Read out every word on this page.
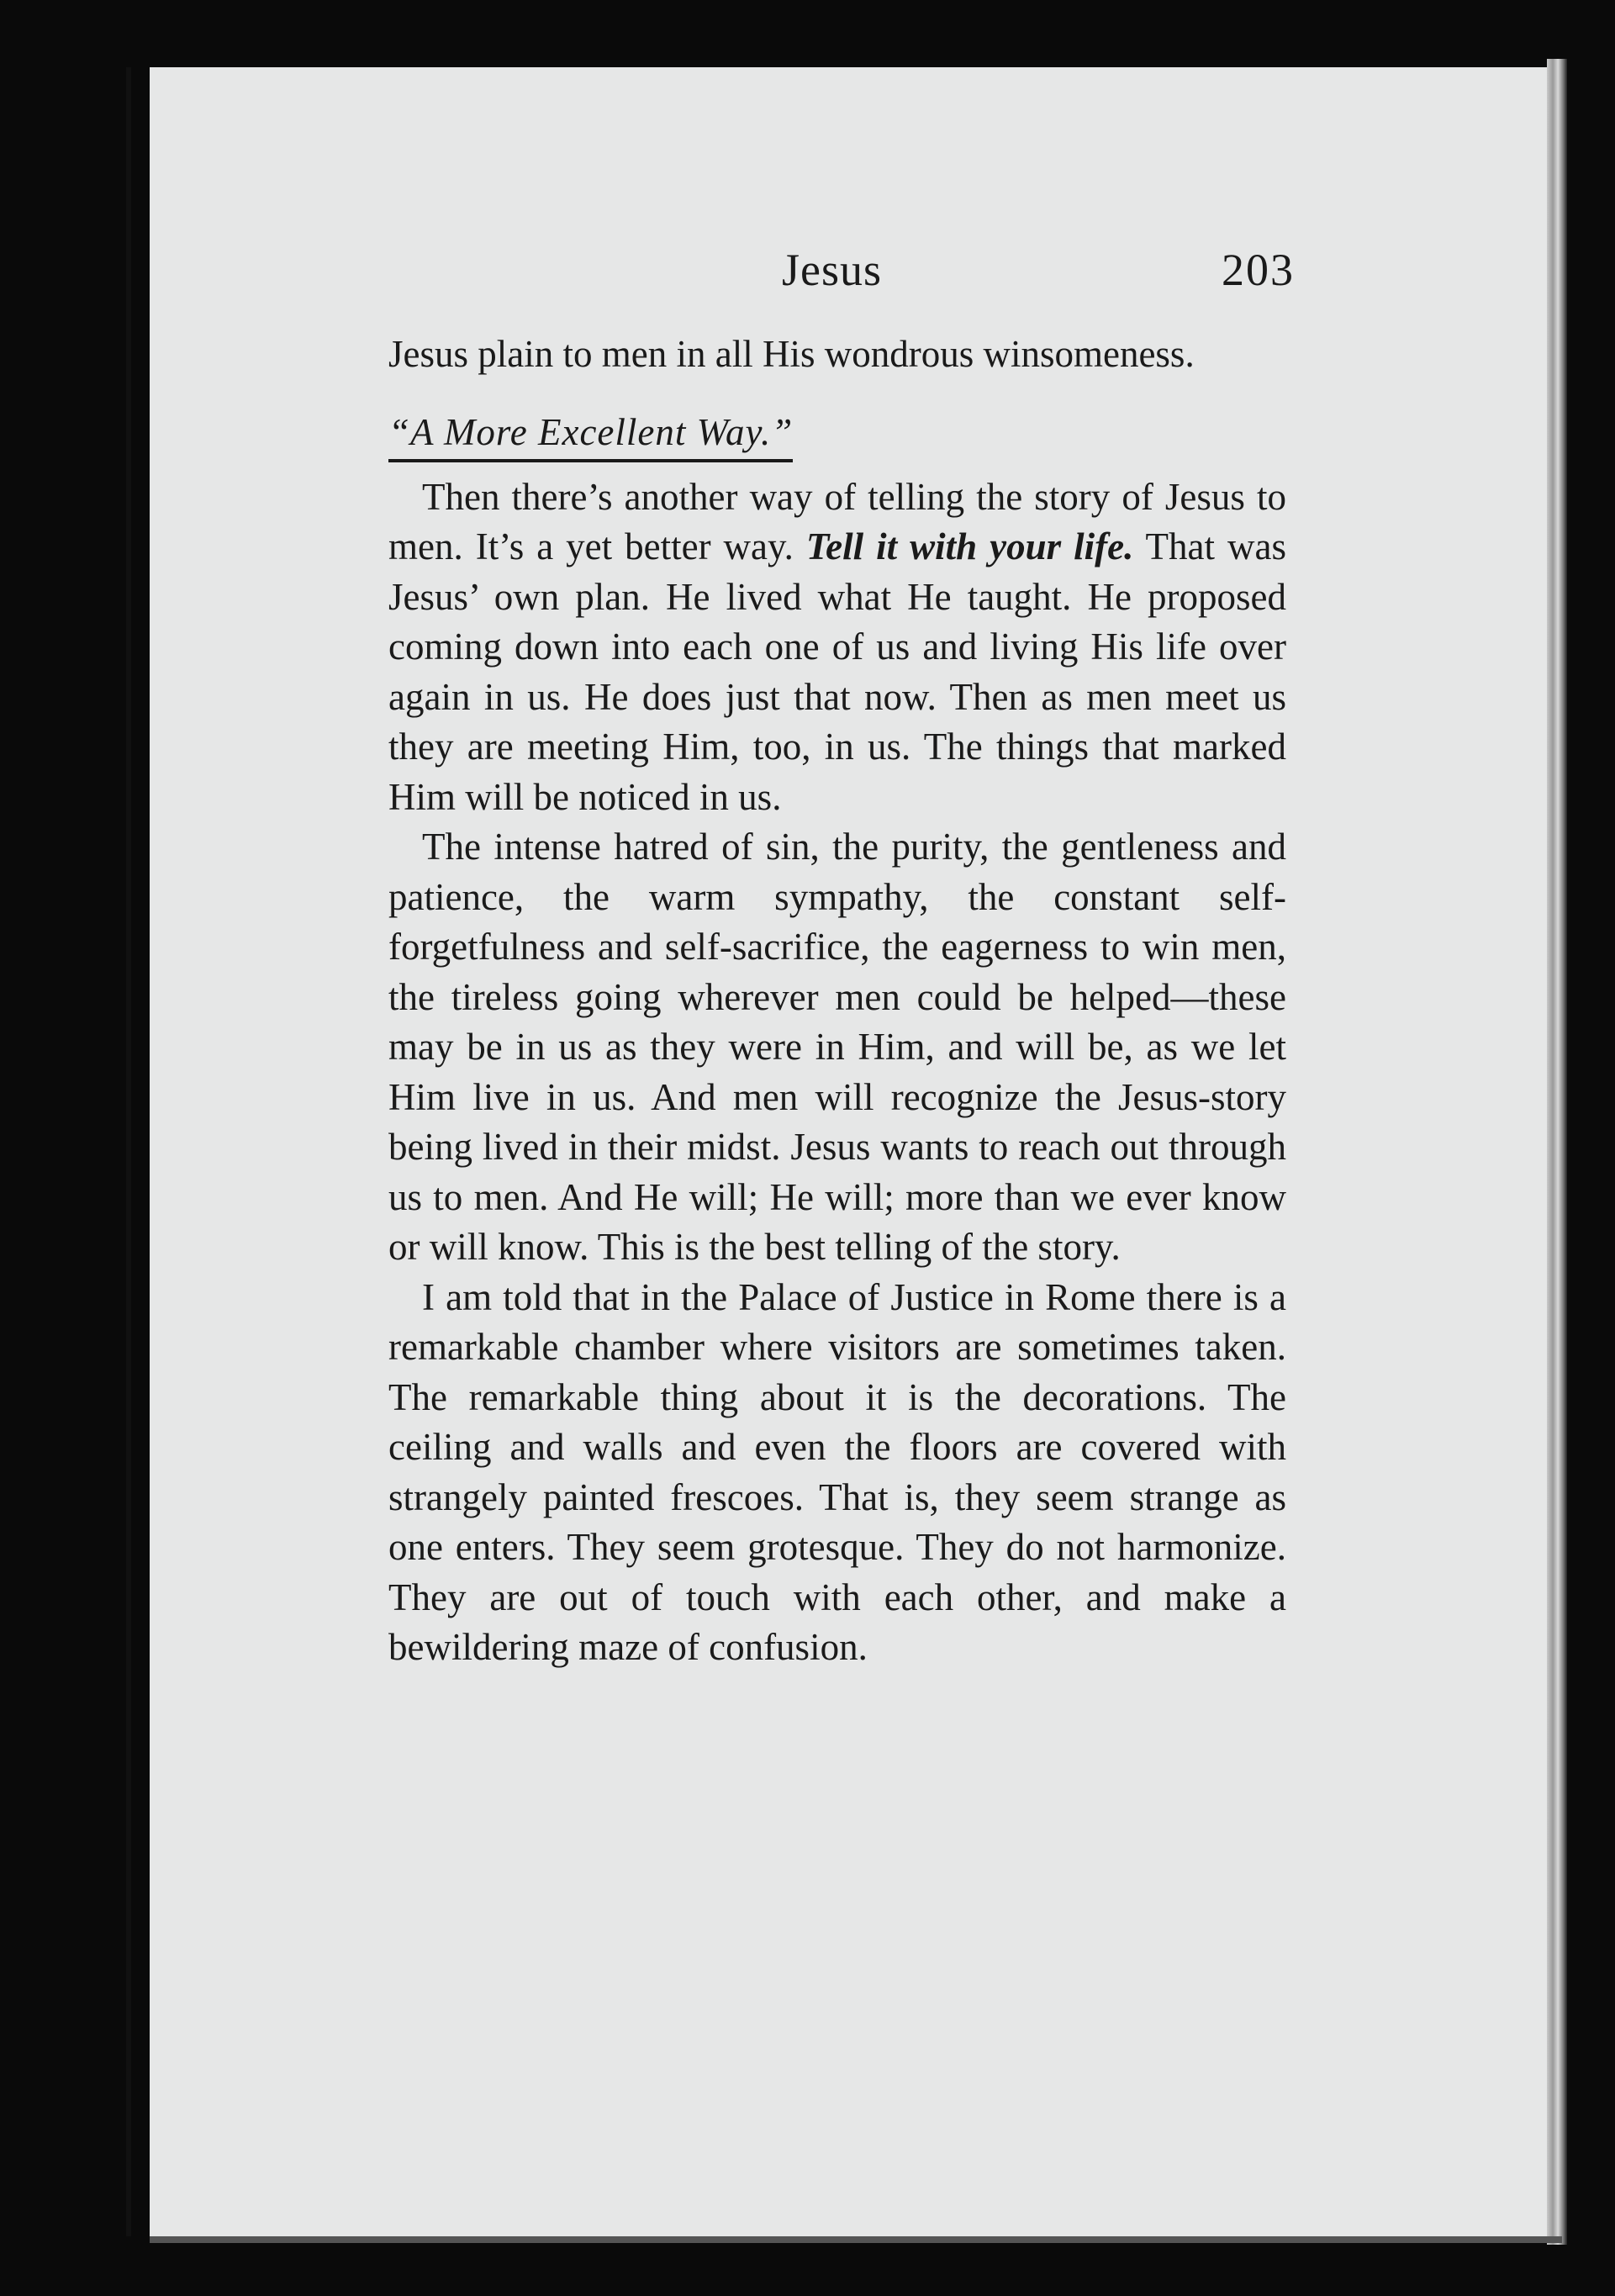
Jesus	203

Jesus plain to men in all His wondrous winsomeness.

“A More Excellent Way.”

Then there’s another way of telling the story of Jesus to men. It’s a yet better way. Tell it with your life. That was Jesus’ own plan. He lived what He taught. He proposed coming down into each one of us and living His life over again in us. He does just that now. Then as men meet us they are meeting Him, too, in us. The things that marked Him will be noticed in us.

The intense hatred of sin, the purity, the gentleness and patience, the warm sympathy, the constant self-forgetfulness and self-sacrifice, the eagerness to win men, the tireless going wherever men could be helped—these may be in us as they were in Him, and will be, as we let Him live in us. And men will recognize the Jesus-story being lived in their midst. Jesus wants to reach out through us to men. And He will; He will; more than we ever know or will know. This is the best telling of the story.

I am told that in the Palace of Justice in Rome there is a remarkable chamber where visitors are sometimes taken. The remarkable thing about it is the decorations. The ceiling and walls and even the floors are covered with strangely painted frescoes. That is, they seem strange as one enters. They seem grotesque. They do not harmonize. They are out of touch with each other, and make a bewildering maze of confusion.
